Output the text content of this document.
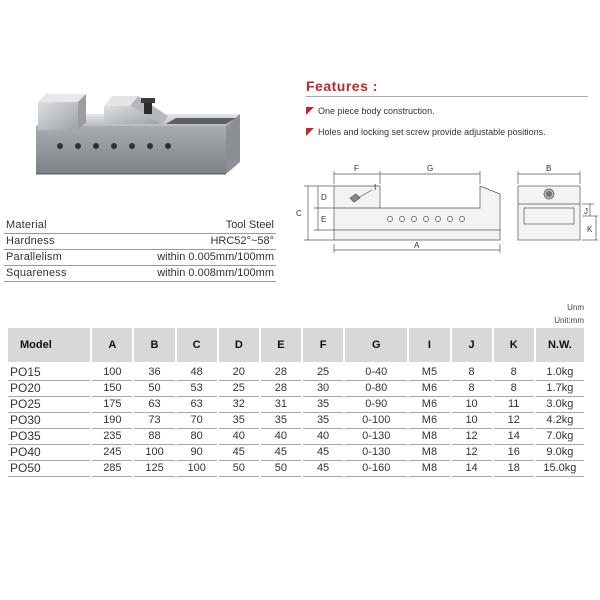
Material	Tool Steel
Hardness	HRC52°~58°
Parallelism	within 0.005mm/100mm
Squareness	within 0.008mm/100mm
Features :
One piece body construction.
Holes and locking set screw provide adjustable positions.
F	G
C
D
E
I
A
B
J
K
Unm
Unit:mm
Model	A	B	C	D	E	F	G	I	J	K	N.W.
PO15	100	36	48	20	28	25	0-40	M5	8	8	1.0kg
PO20	150	50	53	25	28	30	0-80	M6	8	8	1.7kg
PO25	175	63	63	32	31	35	0-90	M6	10	11	3.0kg
PO30	190	73	70	35	35	35	0-100	M6	10	12	4.2kg
PO35	235	88	80	40	40	40	0-130	M8	12	14	7.0kg
PO40	245	100	90	45	45	45	0-130	M8	12	16	9.0kg
PO50	285	125	100	50	50	45	0-160	M8	14	18	15.0kg
